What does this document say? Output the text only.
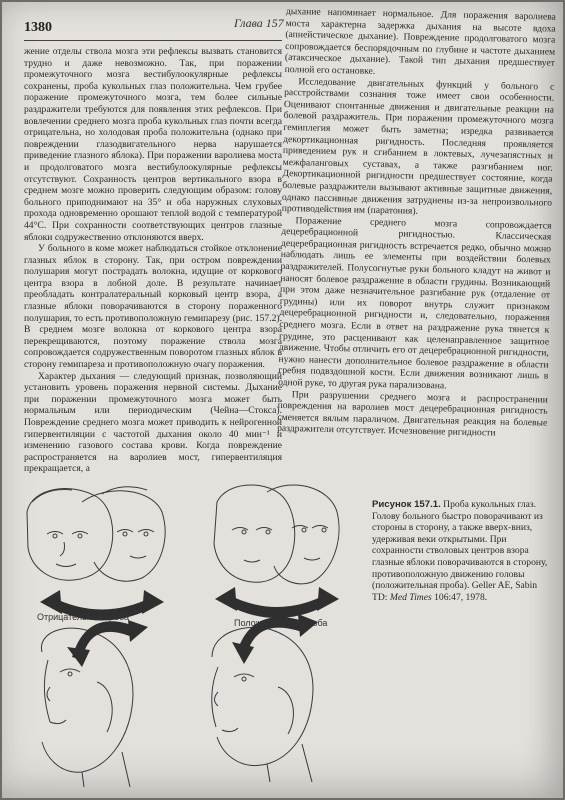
1380	Глава 157

жение отделы ствола мозга эти рефлексы вызвать становится трудно и даже невозможно. Так, при поражении промежуточного мозга вестибулоокулярные рефлексы сохранены, проба кукольных глаз положительна. Чем грубее поражение промежуточного мозга, тем более сильные раздражители требуются для появления этих рефлексов. При вовлечении среднего мозга проба кукольных глаз почти всегда отрицательна, но холодовая проба положительна (однако при повреждении глазодвигательного нерва нарушается приведение глазного яблока). При поражении варолиева моста и продолговатого мозга вестибулоокулярные рефлексы отсутствуют. Сохранность центров вертикального взора в среднем мозге можно проверить следующим образом: голову больного приподнимают на 35° и оба наружных слуховых прохода одновременно орошают теплой водой с температурой 44°С. При сохранности соответствующих центров глазные яблоки содружественно отклоняются вверх.

У больного в коме может наблюдаться стойкое отклонение глазных яблок в сторону. Так, при остром повреждении полушария могут пострадать волокна, идущие от коркового центра взора в лобной доле. В результате начинает преобладать контралатеральный корковый центр взора, а глазные яблоки поворачиваются в сторону пораженного полушария, то есть противоположную гемипарезу (рис. 157.2). В среднем мозге волокна от коркового центра взора перекрещиваются, поэтому поражение ствола мозга сопровождается содружественным поворотом глазных яблок в сторону гемипареза и противоположную очагу поражения.

Характер дыхания — следующий признак, позволяющий установить уровень поражения нервной системы. Дыхание при поражении промежуточного мозга может быть нормальным или периодическим (Чейна—Стокса). Повреждение среднего мозга может приводить к нейрогенной гипервентиляции с частотой дыхания около 40 мин⁻¹ и изменению газового состава крови. Когда повреждение распространяется на варолиев мост, гипервентиляция прекращается, а

дыхание напоминает нормальное. Для поражения варолиева моста характерна задержка дыхания на высоте вдоха (апнейстическое дыхание). Повреждение продолговатого мозга сопровождается беспорядочным по глубине и частоте дыханием (атаксическое дыхание). Такой тип дыхания предшествует полной его остановке.

Исследование двигательных функций у больного с расстройствами сознания тоже имеет свои особенности. Оценивают спонтанные движения и двигательные реакции на болевой раздражитель. При поражении промежуточного мозга гемиплегия может быть заметна; изредка развивается декортикационная ригидность. Последняя проявляется приведением рук и сгибанием в локтевых, лучезапястных и межфаланговых суставах, а также разгибанием ног. Декортикационной ригидности предшествует состояние, когда болевые раздражители вызывают активные защитные движения, однако пассивные движения затруднены из-за непроизвольного противодействия им (паратония).

Поражение среднего мозга сопровождается децеребрационной ригидностью. Классическая децеребрационная ригидность встречается редко, обычно можно наблюдать лишь ее элементы при воздействии болевых раздражителей. Полусогнутые руки больного кладут на живот и наносят болевое раздражение в области грудины. Возникающий при этом даже незначительное разгибание рук (отдаление от грудины) или их поворот внутрь служит признаком децеребрационной ригидности и, следовательно, поражения среднего мозга. Если в ответ на раздражение рука тянется к грудине, это расценивают как целенаправленное защитное движение. Чтобы отличить его от децеребрационной ригидности, нужно нанести дополнительное болевое раздражение в области гребня подвздошной кости. Если движения возникают лишь в одной руке, то другая рука парализована.

При разрушении среднего мозга и распространении повреждения на варолиев мост децеребрационная ригидность сменяется вялым параличом. Двигательная реакция на болевые раздражители отсутствует. Исчезновение ригидности

Отрицательная проба
Положительная проба
Рисунок 157.1. Проба кукольных глаз. Голову больного быстро поворачивают из стороны в сторону, а также вверх-вниз, удерживая веки открытыми. При сохранности стволовых центров взора глазные яблоки поворачиваются в сторону, противоположную движению головы (положительная проба). Geller AE, Sabin TD: Med Times 106:47, 1978.
